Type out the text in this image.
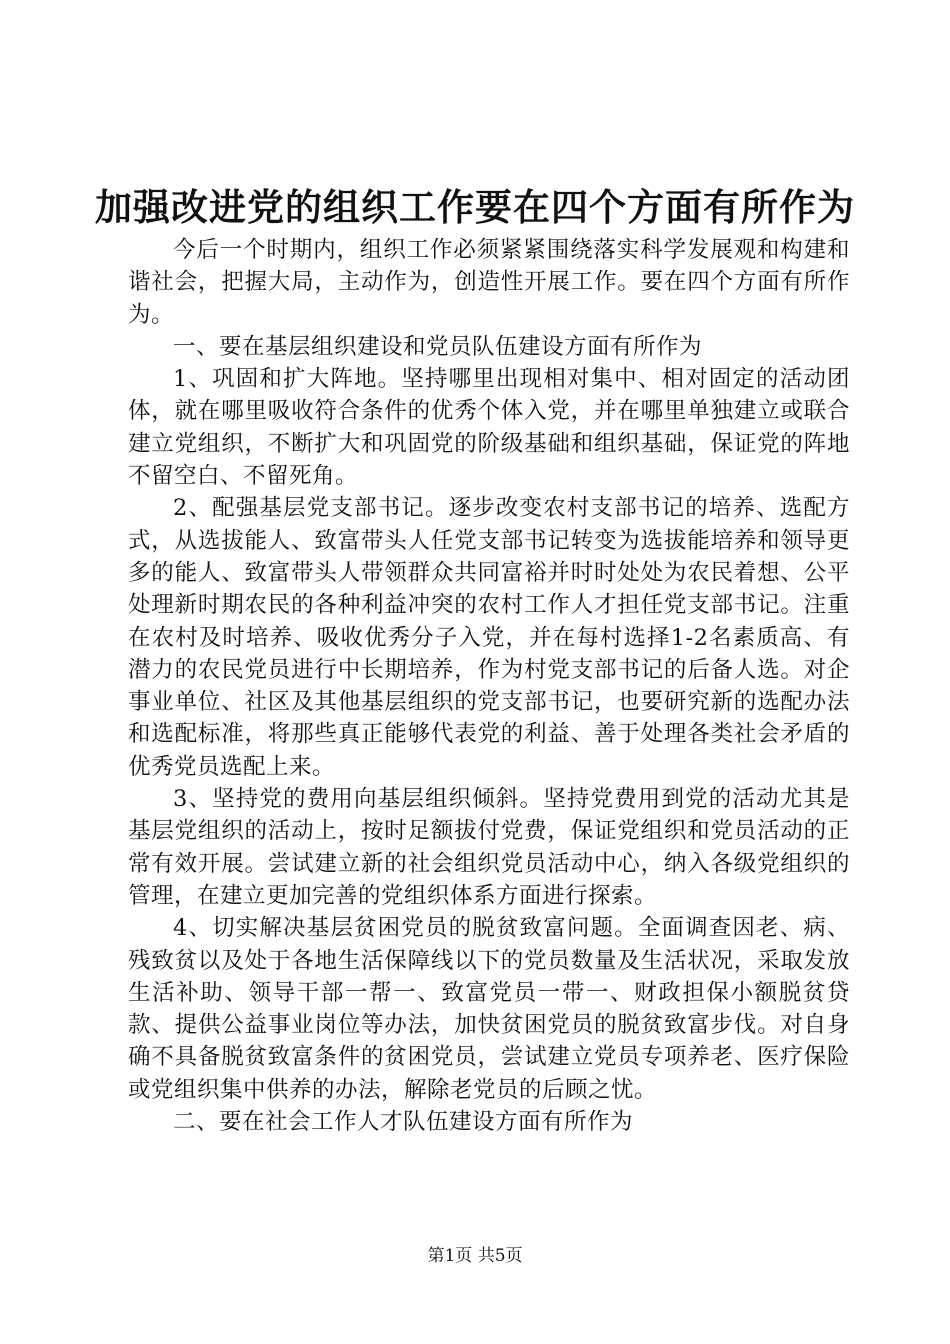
加强改进党的组织工作要在四个方面有所作为

今后一个时期内，组织工作必须紧紧围绕落实科学发展观和构建和谐社会，把握大局，主动作为，创造性开展工作。要在四个方面有所作为。

一、要在基层组织建设和党员队伍建设方面有所作为

1、巩固和扩大阵地。坚持哪里出现相对集中、相对固定的活动团体，就在哪里吸收符合条件的优秀个体入党，并在哪里单独建立或联合建立党组织，不断扩大和巩固党的阶级基础和组织基础，保证党的阵地不留空白、不留死角。

2、配强基层党支部书记。逐步改变农村支部书记的培养、选配方式，从选拔能人、致富带头人任党支部书记转变为选拔能培养和领导更多的能人、致富带头人带领群众共同富裕并时时处处为农民着想、公平处理新时期农民的各种利益冲突的农村工作人才担任党支部书记。注重在农村及时培养、吸收优秀分子入党，并在每村选择1-2名素质高、有潜力的农民党员进行中长期培养，作为村党支部书记的后备人选。对企事业单位、社区及其他基层组织的党支部书记，也要研究新的选配办法和选配标准，将那些真正能够代表党的利益、善于处理各类社会矛盾的优秀党员选配上来。

3、坚持党的费用向基层组织倾斜。坚持党费用到党的活动尤其是基层党组织的活动上，按时足额拔付党费，保证党组织和党员活动的正常有效开展。尝试建立新的社会组织党员活动中心，纳入各级党组织的管理，在建立更加完善的党组织体系方面进行探索。

4、切实解决基层贫困党员的脱贫致富问题。全面调查因老、病、残致贫以及处于各地生活保障线以下的党员数量及生活状况，采取发放生活补助、领导干部一帮一、致富党员一带一、财政担保小额脱贫贷款、提供公益事业岗位等办法，加快贫困党员的脱贫致富步伐。对自身确不具备脱贫致富条件的贫困党员，尝试建立党员专项养老、医疗保险或党组织集中供养的办法，解除老党员的后顾之忧。

二、要在社会工作人才队伍建设方面有所作为

第1页 共5页
